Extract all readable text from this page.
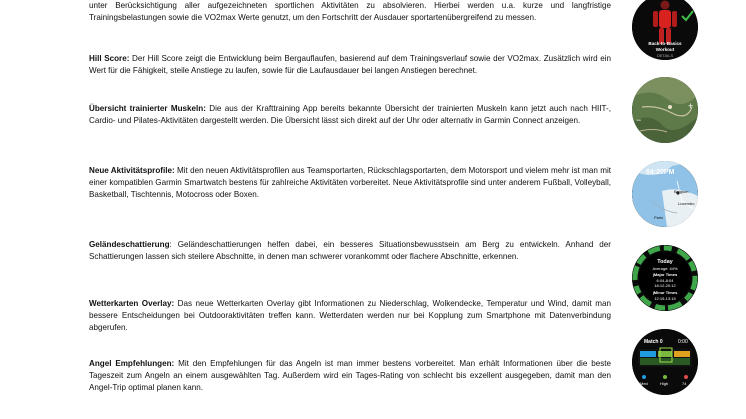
unter Berücksichtigung aller aufgezeichneten sportlichen Aktivitäten zu absolvieren. Hierbei werden u.a. kurze und langfristige Trainingsbelastungen sowie die VO2max Werte genutzt, um den Fortschritt der Ausdauer sportartenübergreifend zu messen.

Hill Score: Der Hill Score zeigt die Entwicklung beim Bergauflaufen, basierend auf dem Trainingsverlauf sowie der VO2max. Zusätzlich wird ein Wert für die Fähigkeit, steile Anstiege zu laufen, sowie für die Laufausdauer bei langen Anstiegen berechnet.

Übersicht trainierter Muskeln: Die aus der Krafttraining App bereits bekannte Übersicht der trainierten Muskeln kann jetzt auch nach HIIT-, Cardio- und Pilates-Aktivitäten dargestellt werden. Die Übersicht lässt sich direkt auf der Uhr oder alternativ in Garmin Connect anzeigen.

Neue Aktivitätsprofile: Mit den neuen Aktivitätsprofilen aus Teamsportarten, Rückschlagsportarten, dem Motorsport und vielem mehr ist man mit einer kompatiblen Garmin Smartwatch bestens für zahlreiche Aktivitäten vorbereitet. Neue Aktivitätsprofile sind unter anderem Fußball, Volleyball, Basketball, Tischtennis, Motocross oder Boxen.

Geländeschattierung: Geländeschattierungen helfen dabei, ein besseres Situationsbewusstsein am Berg zu entwickeln. Anhand der Schattierungen lassen sich steilere Abschnitte, in denen man schwerer vorankommt oder flachere Abschnitte, erkennen.

Wetterkarten Overlay: Das neue Wetterkarten Overlay gibt Informationen zu Niederschlag, Wolkendecke, Temperatur und Wind, damit man bessere Entscheidungen bei Outdooraktivitäten treffen kann. Wetterdaten werden nur bei Kopplung zum Smartphone mit Datenverbindung abgerufen.

Angel Empfehlungen: Mit den Empfehlungen für das Angeln ist man immer bestens vorbereitet. Man erhält Informationen über die beste Tageszeit zum Angeln an einem ausgewählten Tag. Außerdem wird ein Tages-Rating von schlecht bis exzellent ausgegeben, damit man den Angel-Trip optimal planen kann.

Back-to-Basics
Workout
DETAILS
+
−
04:20PM
Belgium
Luxembo
Paris
Today
Average: 44%
|Major Times
6:04-8:04
18:12-20:12
|Minor Times
12:15-13:15
Match 0	0:00
Med	High	74
